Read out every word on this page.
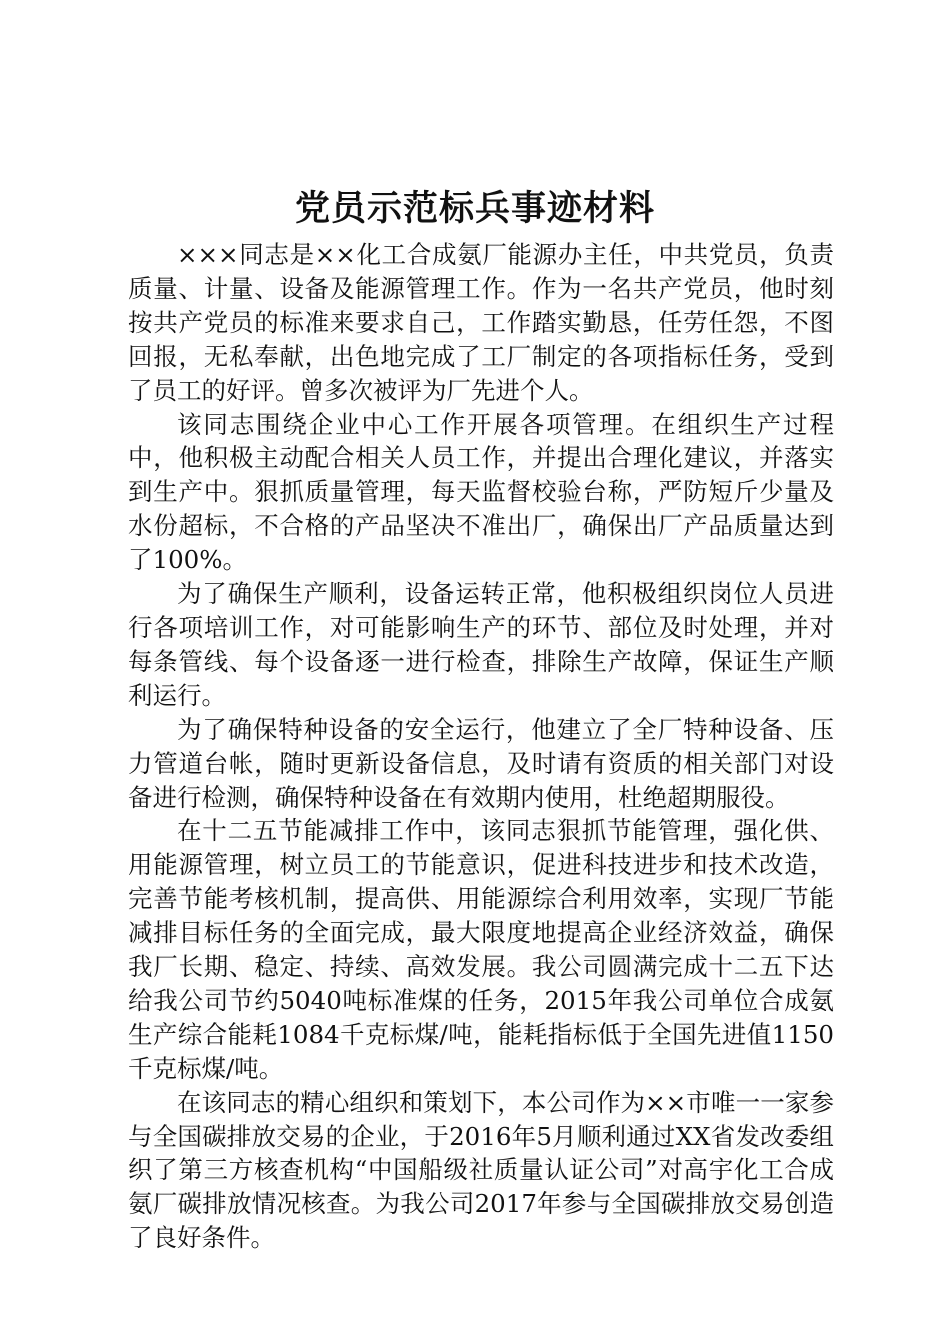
党员示范标兵事迹材料

×××同志是××化工合成氨厂能源办主任，中共党员，负责质量、计量、设备及能源管理工作。作为一名共产党员，他时刻按共产党员的标准来要求自己，工作踏实勤恳，任劳任怨，不图回报，无私奉献，出色地完成了工厂制定的各项指标任务，受到了员工的好评。曾多次被评为厂先进个人。

该同志围绕企业中心工作开展各项管理。在组织生产过程中，他积极主动配合相关人员工作，并提出合理化建议，并落实到生产中。狠抓质量管理，每天监督校验台称，严防短斤少量及水份超标，不合格的产品坚决不准出厂，确保出厂产品质量达到了100%。

为了确保生产顺利，设备运转正常，他积极组织岗位人员进行各项培训工作，对可能影响生产的环节、部位及时处理，并对每条管线、每个设备逐一进行检查，排除生产故障，保证生产顺利运行。

为了确保特种设备的安全运行，他建立了全厂特种设备、压力管道台帐，随时更新设备信息，及时请有资质的相关部门对设备进行检测，确保特种设备在有效期内使用，杜绝超期服役。

在十二五节能减排工作中，该同志狠抓节能管理，强化供、用能源管理，树立员工的节能意识，促进科技进步和技术改造，完善节能考核机制，提高供、用能源综合利用效率，实现厂节能减排目标任务的全面完成，最大限度地提高企业经济效益，确保我厂长期、稳定、持续、高效发展。我公司圆满完成十二五下达给我公司节约5040吨标准煤的任务，2015年我公司单位合成氨生产综合能耗1084千克标煤/吨，能耗指标低于全国先进值1150千克标煤/吨。

在该同志的精心组织和策划下，本公司作为××市唯一一家参与全国碳排放交易的企业，于2016年5月顺利通过XX省发改委组织了第三方核查机构“中国船级社质量认证公司”对高宇化工合成氨厂碳排放情况核查。为我公司2017年参与全国碳排放交易创造了良好条件。
